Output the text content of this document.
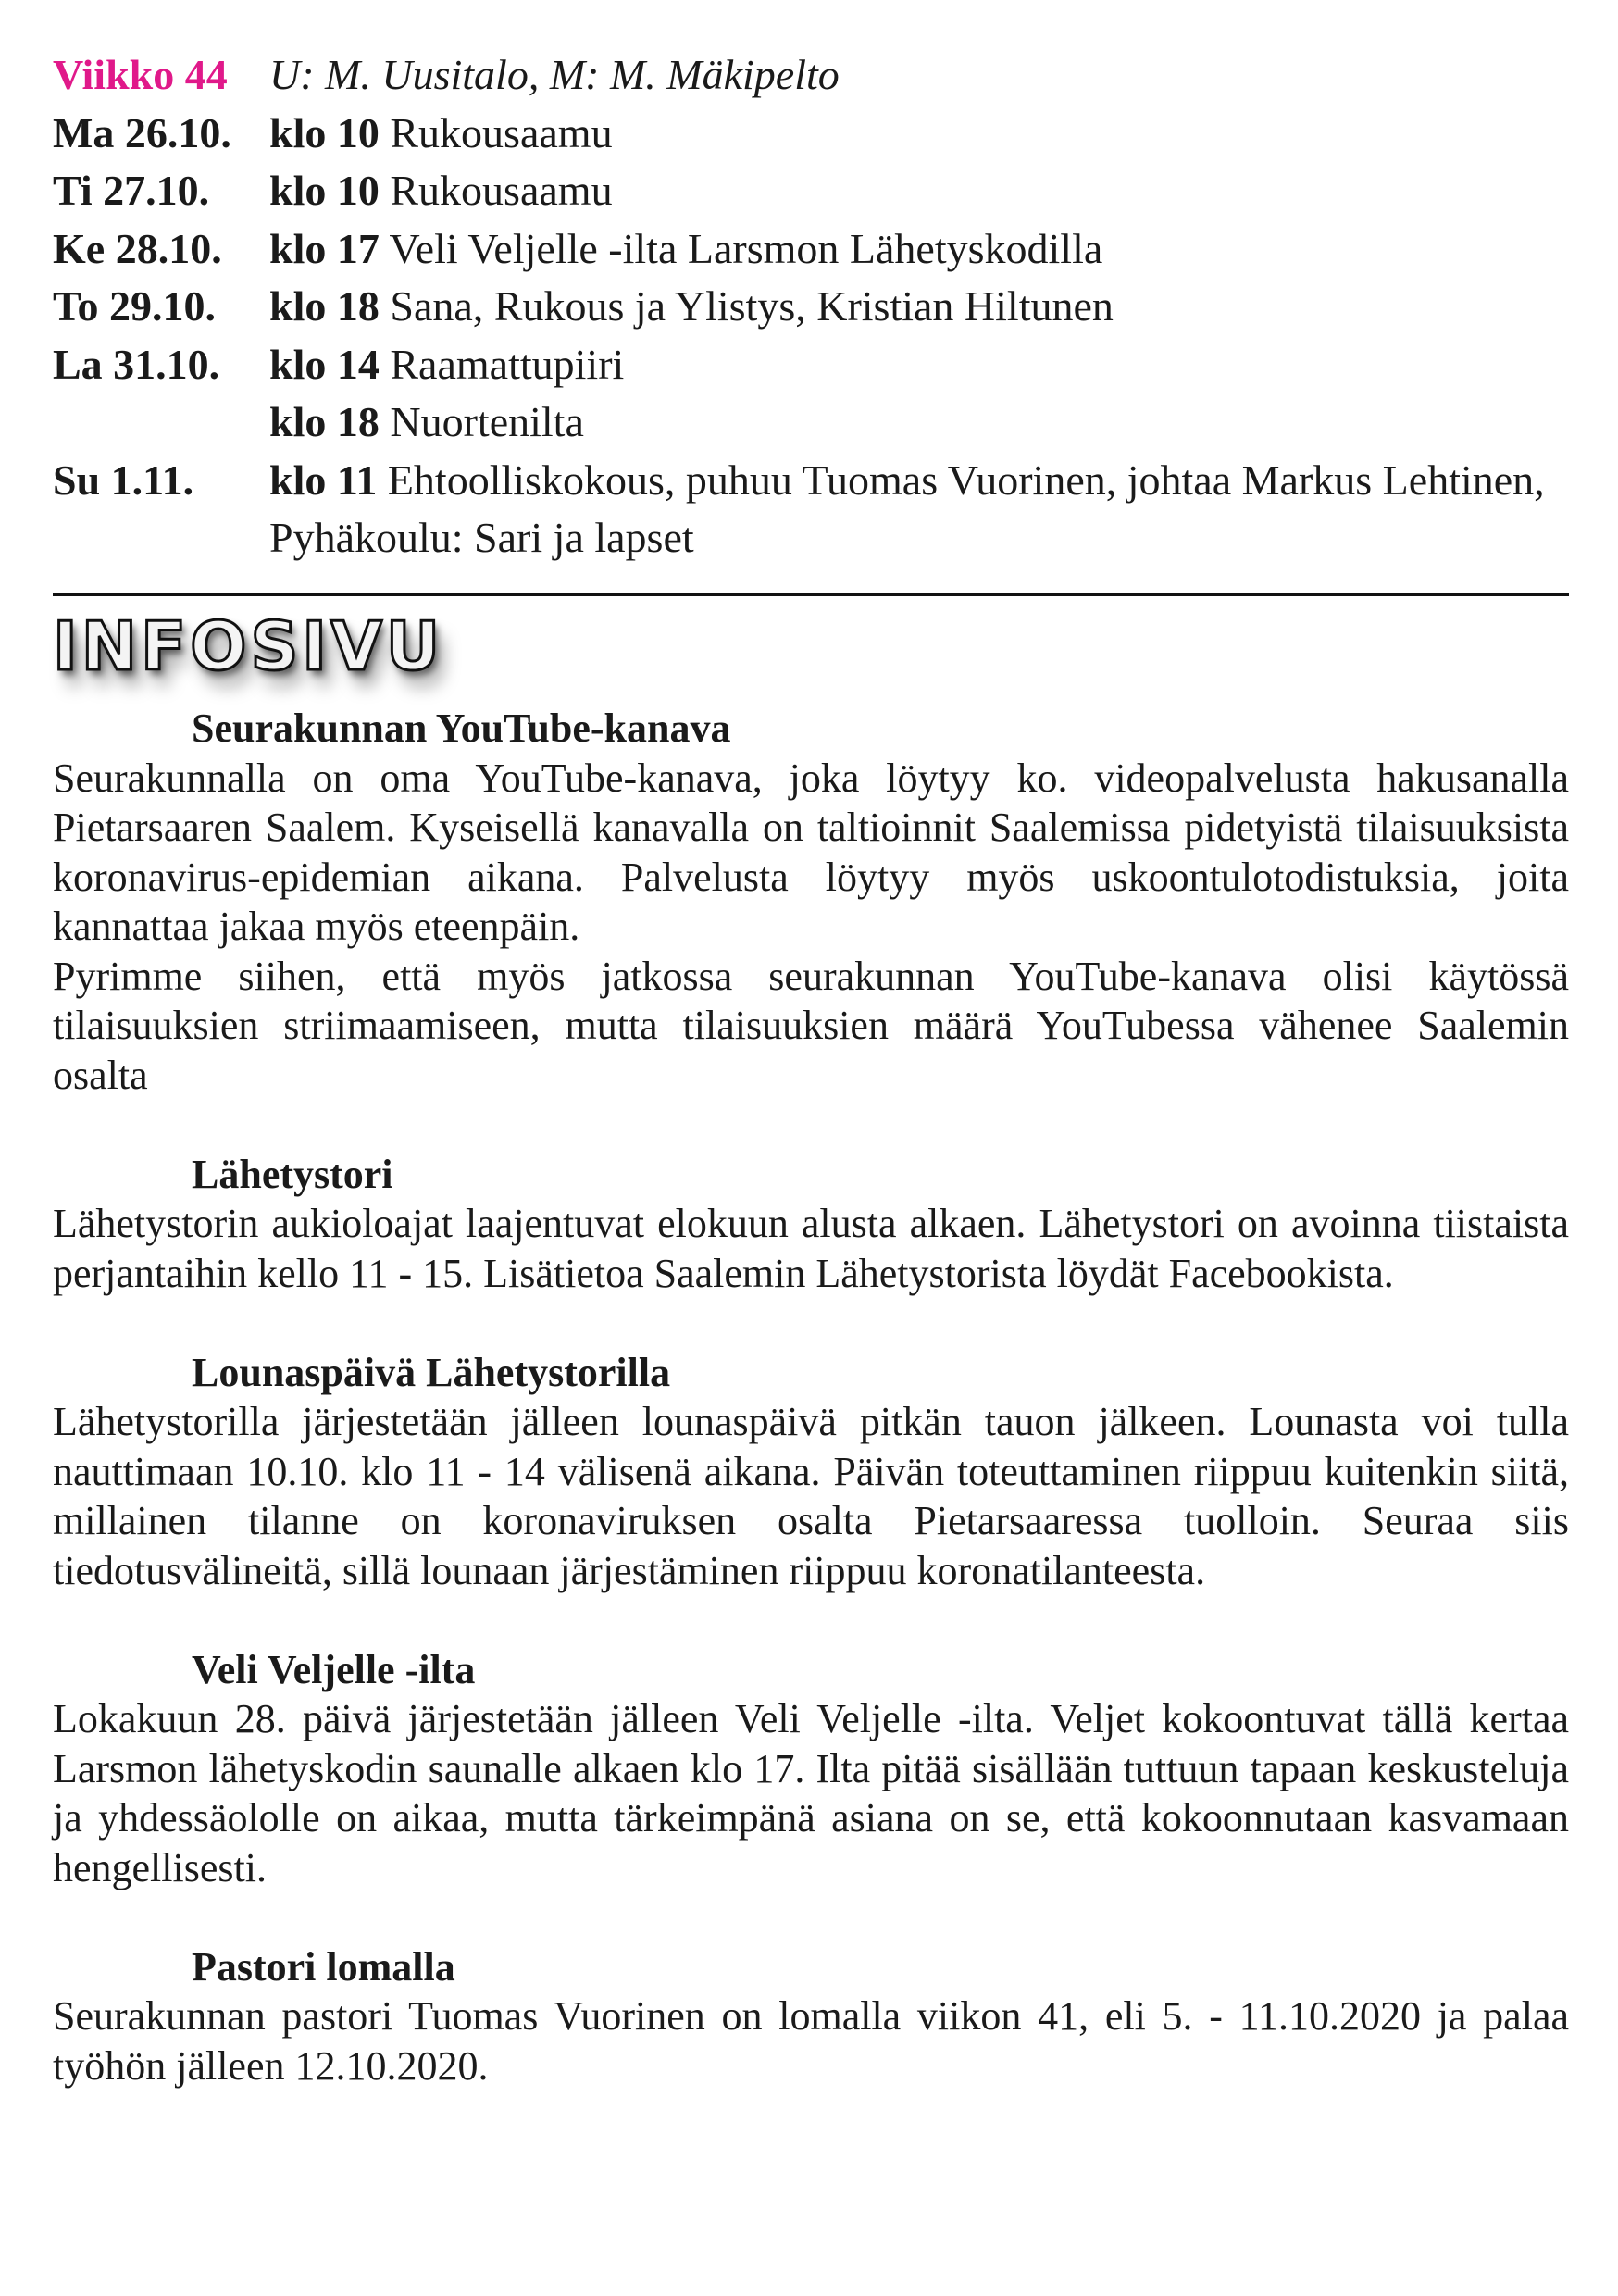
Viikko 44 U: M. Uusitalo, M: M. Mäkipelto
Ma 26.10. klo 10 Rukousaamu
Ti 27.10.	klo 10 Rukousaamu
Ke 28.10.	klo 17 Veli Veljelle -ilta Larsmon Lähetyskodilla
To 29.10.	klo 18 Sana, Rukous ja Ylistys, Kristian Hiltunen
La 31.10.	klo 14 Raamattupiiri
klo 18 Nuortenilta
Su 1.11.	klo 11 Ehtoolliskokous, puhuu Tuomas Vuorinen, johtaa Markus Lehtinen, Pyhäkoulu: Sari ja lapset
INFOSIVU
Seurakunnan YouTube-kanava

Seurakunnalla on oma YouTube-kanava, joka löytyy ko. videopalvelusta hakusanalla Pietarsaaren Saalem. Kyseisellä kanavalla on taltioinnit Saalemissa pidetyistä tilaisuuksista koronavirus-epidemian aikana. Palvelusta löytyy myös uskoontulotodistuksia, joita kannattaa jakaa myös eteenpäin.

Pyrimme siihen, että myös jatkossa seurakunnan YouTube-kanava olisi käytössä tilaisuuksien striimaamiseen, mutta tilaisuuksien määrä YouTubessa vähenee Saalemin osalta

Lähetystori

Lähetystorin aukioloajat laajentuvat elokuun alusta alkaen. Lähetystori on avoinna tiistaista perjantaihin kello 11 - 15. Lisätietoa Saalemin Lähetystorista löydät Facebookista.

Lounaspäivä Lähetystorilla

Lähetystorilla järjestetään jälleen lounaspäivä pitkän tauon jälkeen. Lounasta voi tulla nauttimaan 10.10. klo 11 - 14 välisenä aikana. Päivän toteuttaminen riippuu kuitenkin siitä, millainen tilanne on koronaviruksen osalta Pietarsaaressa tuolloin. Seuraa siis tiedotusvälineitä, sillä lounaan järjestäminen riippuu koronatilanteesta.

Veli Veljelle -ilta

Lokakuun 28. päivä järjestetään jälleen Veli Veljelle -ilta. Veljet kokoontuvat tällä kertaa Larsmon lähetyskodin saunalle alkaen klo 17. Ilta pitää sisällään tuttuun tapaan keskusteluja ja yhdessäololle on aikaa, mutta tärkeimpänä asiana on se, että kokoonnutaan kasvamaan hengellisesti.

Pastori lomalla

Seurakunnan pastori Tuomas Vuorinen on lomalla viikon 41, eli 5. - 11.10.2020 ja palaa työhön jälleen 12.10.2020.
